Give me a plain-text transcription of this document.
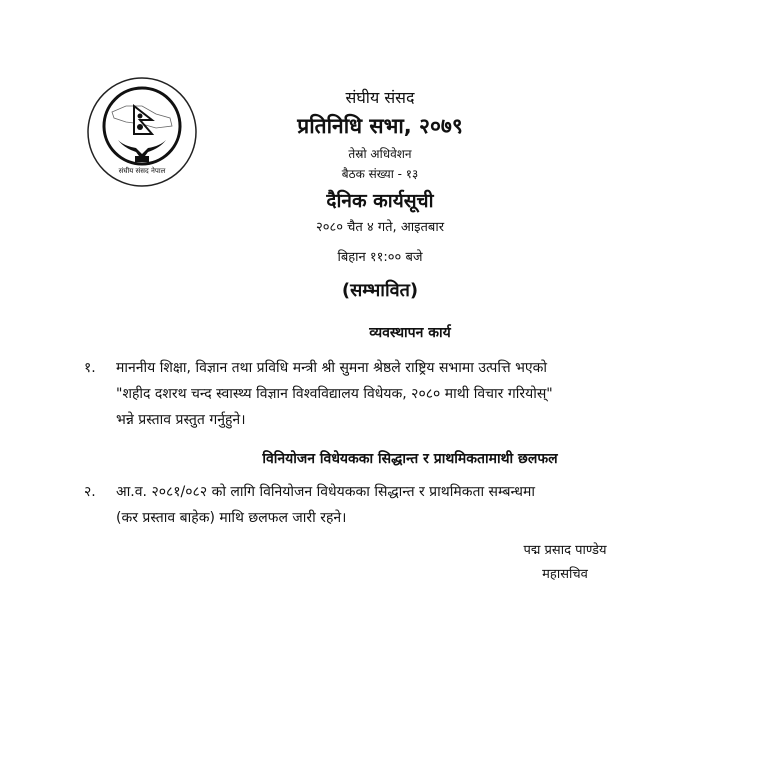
संघीय संसद नेपाल
संघीय संसद
प्रतिनिधि सभा, २०७९
तेस्रो अधिवेशन
बैठक संख्या - १३
दैनिक कार्यसूची
२०८० चैत ४ गते, आइतबार
बिहान ११:०० बजे
(सम्भावित)
व्यवस्थापन कार्य
१. माननीय शिक्षा, विज्ञान तथा प्रविधि मन्त्री श्री सुमना श्रेष्ठले राष्ट्रिय सभामा उत्पत्ति भएको
"शहीद दशरथ चन्द स्वास्थ्य विज्ञान विश्वविद्यालय विधेयक, २०८० माथी विचार गरियोस्"
भन्ने प्रस्ताव प्रस्तुत गर्नुहुने।
विनियोजन विधेयकका सिद्धान्त र प्राथमिकतामाथी छलफल
२. आ.व. २०८१/०८२ को लागि विनियोजन विधेयकका सिद्धान्त र प्राथमिकता सम्बन्धमा
(कर प्रस्ताव बाहेक) माथि छलफल जारी रहने।
पद्म प्रसाद पाण्डेय
महासचिव
